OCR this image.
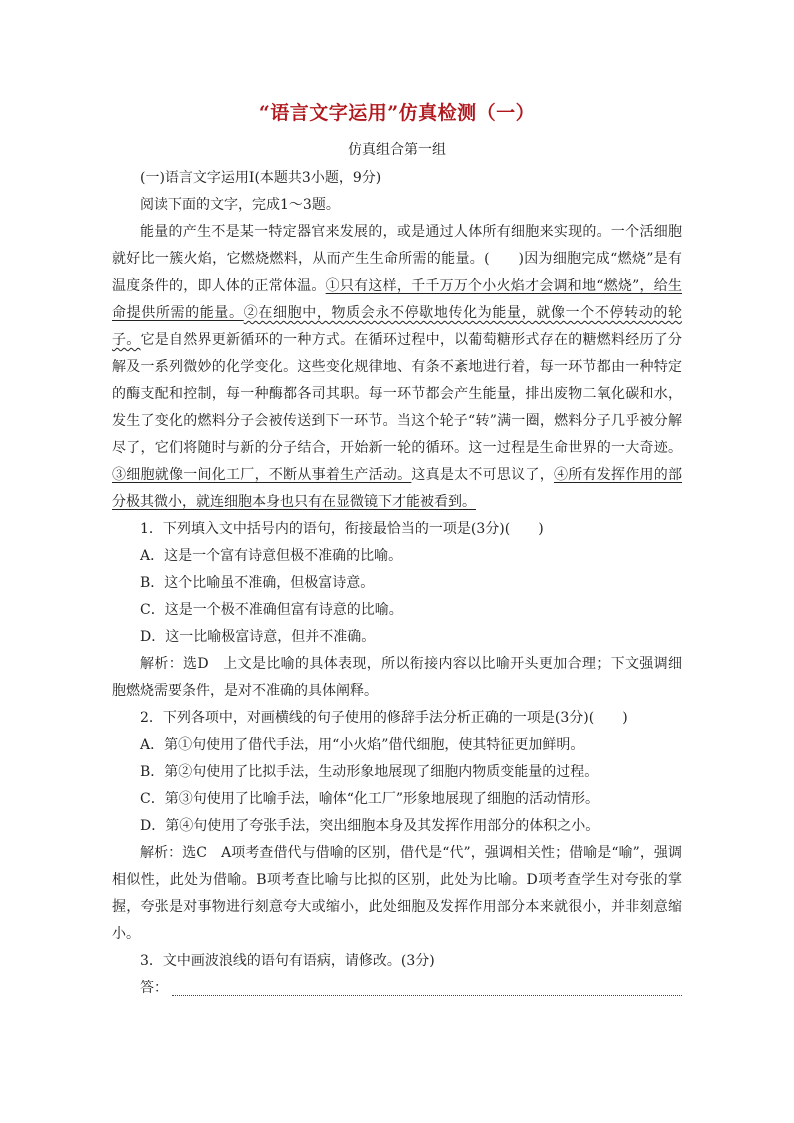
“语言文字运用”仿真检测（一）
仿真组合第一组

(一)语言文字运用Ⅰ(本题共3小题，9分)

阅读下面的文字，完成1～3题。

能量的产生不是某一特定器官来发展的，或是通过人体所有细胞来实现的。一个活细胞就好比一簇火焰，它燃烧燃料，从而产生生命所需的能量。(　　)因为细胞完成“燃烧”是有温度条件的，即人体的正常体温。①只有这样，千千万万个小火焰才会调和地“燃烧”，给生命提供所需的能量。②在细胞中，物质会永不停歇地传化为能量，就像一个不停转动的轮子。它是自然界更新循环的一种方式。在循环过程中，以葡萄糖形式存在的糖燃料经历了分解及一系列微妙的化学变化。这些变化规律地、有条不紊地进行着，每一环节都由一种特定的酶支配和控制，每一种酶都各司其职。每一环节都会产生能量，排出废物二氧化碳和水，发生了变化的燃料分子会被传送到下一环节。当这个轮子“转”满一圈，燃料分子几乎被分解尽了，它们将随时与新的分子结合，开始新一轮的循环。这一过程是生命世界的一大奇迹。③细胞就像一间化工厂，不断从事着生产活动。这真是太不可思议了，④所有发挥作用的部分极其微小，就连细胞本身也只有在显微镜下才能被看到。

1．下列填入文中括号内的语句，衔接最恰当的一项是(3分)(　　)

A．这是一个富有诗意但极不准确的比喻。

B．这个比喻虽不准确，但极富诗意。

C．这是一个极不准确但富有诗意的比喻。

D．这一比喻极富诗意，但并不准确。

解析：选D　上文是比喻的具体表现，所以衔接内容以比喻开头更加合理；下文强调细胞燃烧需要条件，是对不准确的具体阐释。

2．下列各项中，对画横线的句子使用的修辞手法分析正确的一项是(3分)(　　)

A．第①句使用了借代手法，用“小火焰”借代细胞，使其特征更加鲜明。

B．第②句使用了比拟手法，生动形象地展现了细胞内物质变能量的过程。

C．第③句使用了比喻手法，喻体“化工厂”形象地展现了细胞的活动情形。

D．第④句使用了夸张手法，突出细胞本身及其发挥作用部分的体积之小。

解析：选C　A项考查借代与借喻的区别，借代是“代”，强调相关性；借喻是“喻”，强调相似性，此处为借喻。B项考查比喻与比拟的区别，此处为比喻。D项考查学生对夸张的掌握，夸张是对事物进行刻意夸大或缩小，此处细胞及发挥作用部分本来就很小，并非刻意缩小。

3．文中画波浪线的语句有语病，请修改。(3分)

答：
